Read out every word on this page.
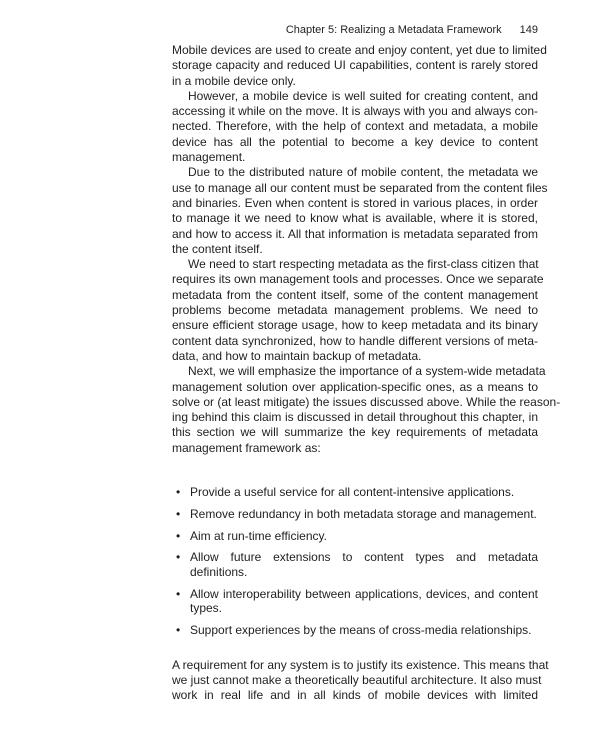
Chapter 5: Realizing a Metadata Framework 149
Mobile devices are used to create and enjoy content, yet due to limited
storage capacity and reduced UI capabilities, content is rarely stored
in a mobile device only.
However, a mobile device is well suited for creating content, and
accessing it while on the move. It is always with you and always con-
nected. Therefore, with the help of context and metadata, a mobile
device has all the potential to become a key device to content
management.
Due to the distributed nature of mobile content, the metadata we
use to manage all our content must be separated from the content files
and binaries. Even when content is stored in various places, in order
to manage it we need to know what is available, where it is stored,
and how to access it. All that information is metadata separated from
the content itself.
We need to start respecting metadata as the first-class citizen that
requires its own management tools and processes. Once we separate
metadata from the content itself, some of the content management
problems become metadata management problems. We need to
ensure efficient storage usage, how to keep metadata and its binary
content data synchronized, how to handle different versions of meta-
data, and how to maintain backup of metadata.
Next, we will emphasize the importance of a system-wide metadata
management solution over application-specific ones, as a means to
solve or (at least mitigate) the issues discussed above. While the reason-
ing behind this claim is discussed in detail throughout this chapter, in
this section we will summarize the key requirements of metadata
management framework as:
• Provide a useful service for all content-intensive applications.
• Remove redundancy in both metadata storage and management.
• Aim at run-time efficiency.
• Allow future extensions to content types and metadata
definitions.
• Allow interoperability between applications, devices, and content
types.
• Support experiences by the means of cross-media relationships.
A requirement for any system is to justify its existence. This means that
we just cannot make a theoretically beautiful architecture. It also must
work in real life and in all kinds of mobile devices with limited
